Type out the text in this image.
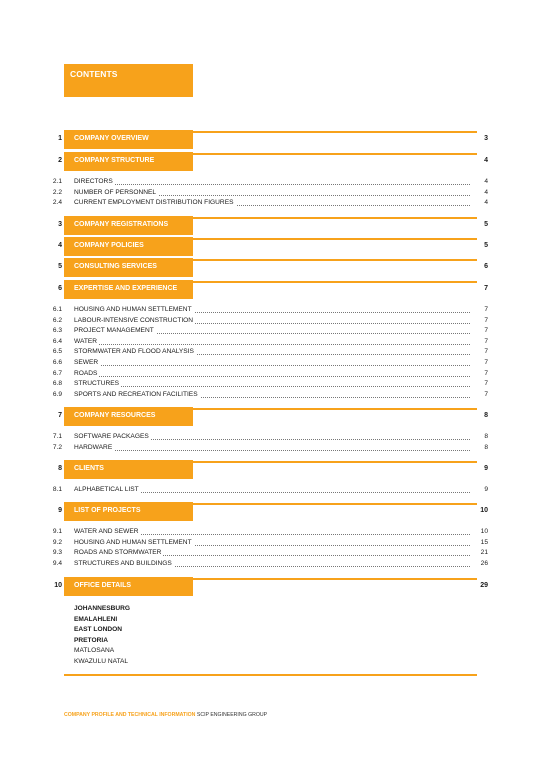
CONTENTS
1 COMPANY OVERVIEW	3
2 COMPANY STRUCTURE	4
2.1 DIRECTORS	4
2.2 NUMBER OF PERSONNEL	4
2.4 CURRENT EMPLOYMENT DISTRIBUTION FIGURES	4
3 COMPANY REGISTRATIONS	5
4 COMPANY POLICIES	5
5 CONSULTING SERVICES	6
6 EXPERTISE AND EXPERIENCE	7
6.1 HOUSING AND HUMAN SETTLEMENT	7
6.2 LABOUR-INTENSIVE CONSTRUCTION	7
6.3 PROJECT MANAGEMENT	7
6.4 WATER	7
6.5 STORMWATER AND FLOOD ANALYSIS	7
6.6 SEWER	7
6.7 ROADS	7
6.8 STRUCTURES	7
6.9 SPORTS AND RECREATION FACILITIES	7
7 COMPANY RESOURCES	8
7.1 SOFTWARE PACKAGES	8
7.2 HARDWARE	8
8 CLIENTS	9
8.1 ALPHABETICAL LIST	9
9 LIST OF PROJECTS	10
9.1 WATER AND SEWER	10
9.2 HOUSING AND HUMAN SETTLEMENT	15
9.3 ROADS AND STORMWATER	21
9.4 STRUCTURES AND BUILDINGS	26
10 OFFICE DETAILS	29
JOHANNESBURG
EMALAHLENI
EAST LONDON
PRETORIA
MATLOSANA
KWAZULU NATAL
COMPANY PROFILE AND TECHNICAL INFORMATION SCIP ENGINEERING GROUP
